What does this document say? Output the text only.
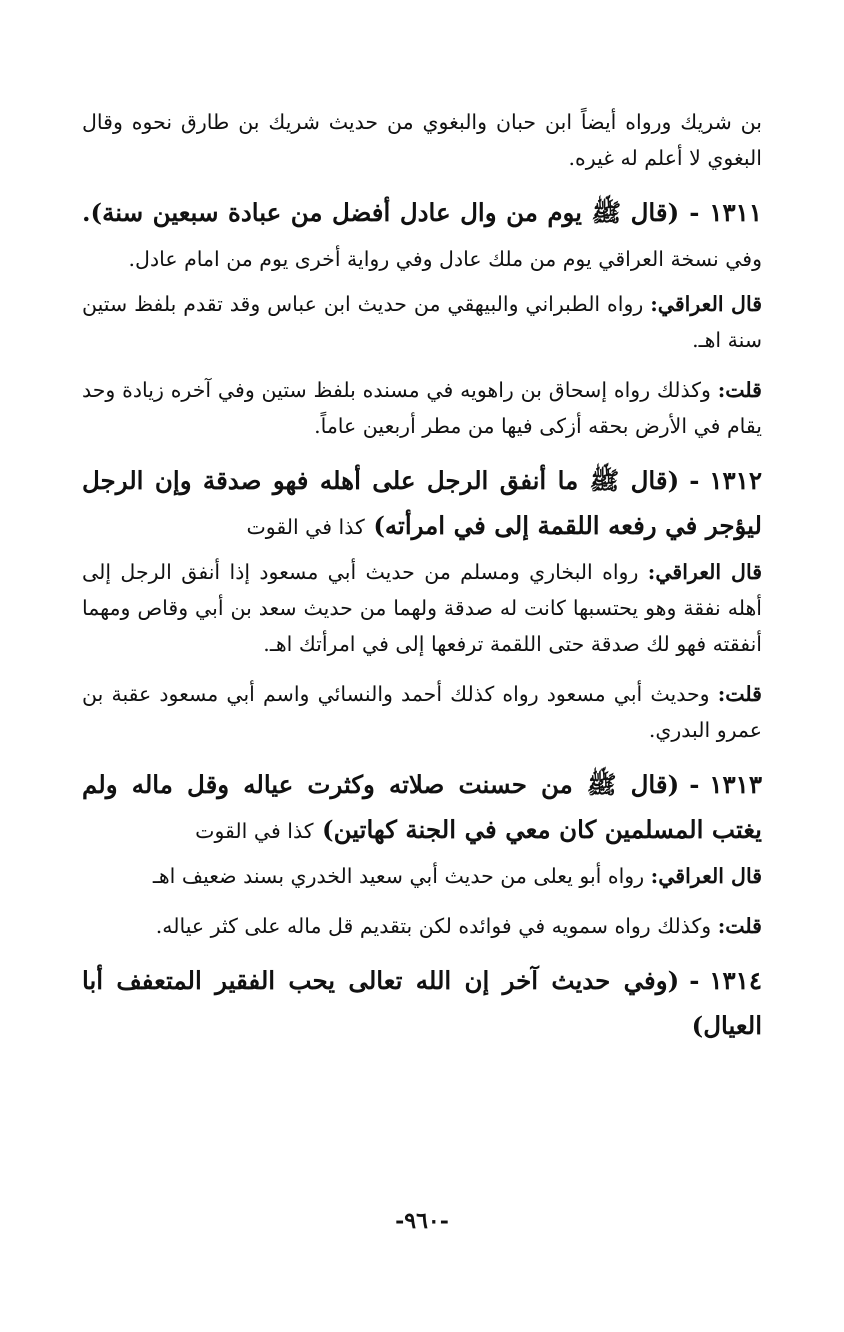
بن شريك ورواه أيضاً ابن حبان والبغوي من حديث شريك بن طارق نحوه وقال البغوي لا أعلم له غيره.

١٣١١-(قال ﷺ يوم من وال عادل أفضل من عبادة سبعين سنة). وفي نسخة العراقي يوم من ملك عادل وفي رواية أخرى يوم من امام عادل.

قال العراقي: رواه الطبراني والبيهقي من حديث ابن عباس وقد تقدم بلفظ ستين سنة اهـ.

قلت: وكذلك رواه إسحاق بن راهويه في مسنده بلفظ ستين وفي آخره زيادة وحد يقام في الأرض بحقه أزكى فيها من مطر أربعين عاماً.

١٣١٢-(قال ﷺ ما أنفق الرجل على أهله فهو صدقة وإن الرجل ليؤجر في رفعه اللقمة إلى في امرأته) كذا في القوت

قال العراقي: رواه البخاري ومسلم من حديث أبي مسعود إذا أنفق الرجل إلى أهله نفقة وهو يحتسبها كانت له صدقة ولهما من حديث سعد بن أبي وقاص ومهما أنفقته فهو لك صدقة حتى اللقمة ترفعها إلى في امرأتك اهـ.

قلت: وحديث أبي مسعود رواه كذلك أحمد والنسائي واسم أبي مسعود عقبة بن عمرو البدري.

١٣١٣-(قال ﷺ من حسنت صلاته وكثرت عياله وقل ماله ولم يغتب المسلمين كان معي في الجنة كهاتين) كذا في القوت

قال العراقي: رواه أبو يعلى من حديث أبي سعيد الخدري بسند ضعيف اهـ

قلت: وكذلك رواه سمويه في فوائده لكن بتقديم قل ماله على كثر عياله.

١٣١٤-(وفي حديث آخر إن الله تعالى يحب الفقير المتعفف أبا العيال)

-٩٦٠-
